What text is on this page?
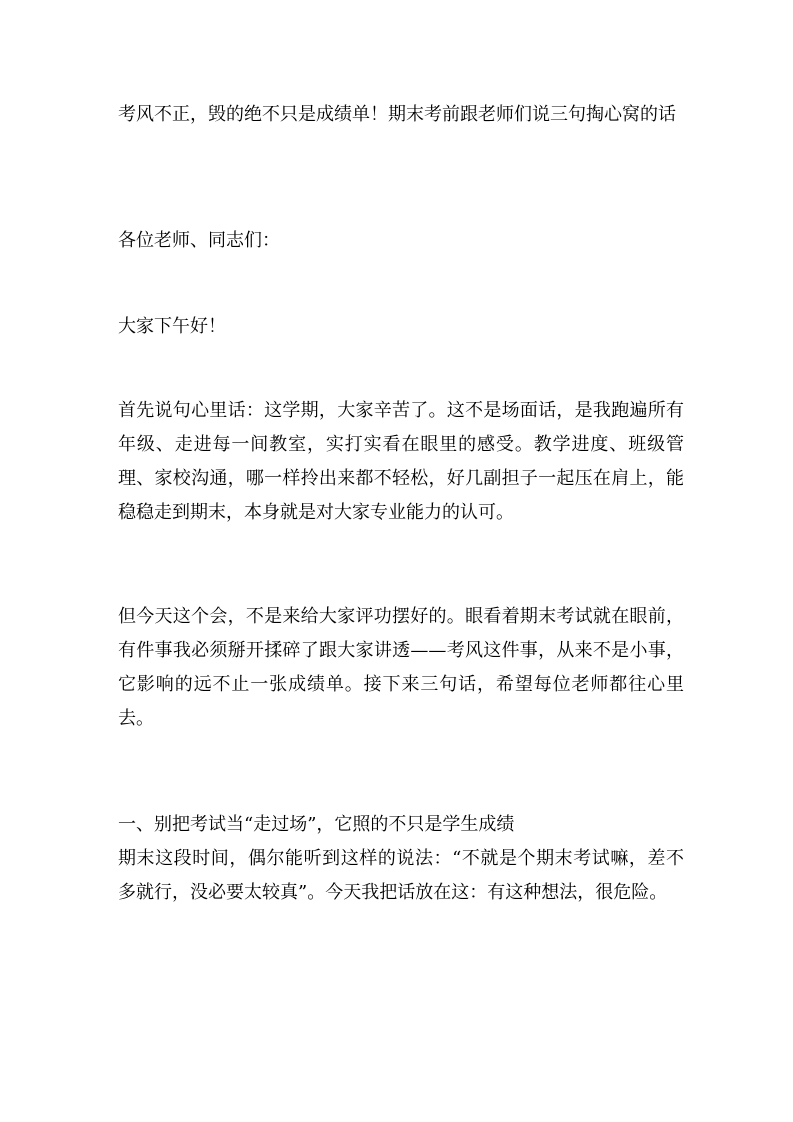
考风不正，毁的绝不只是成绩单！期末考前跟老师们说三句掏心窝的话

各位老师、同志们：

大家下午好！

首先说句心里话：这学期，大家辛苦了。这不是场面话，是我跑遍所有年级、走进每一间教室，实打实看在眼里的感受。教学进度、班级管理、家校沟通，哪一样拎出来都不轻松，好几副担子一起压在肩上，能稳稳走到期末，本身就是对大家专业能力的认可。

但今天这个会，不是来给大家评功摆好的。眼看着期末考试就在眼前，有件事我必须掰开揉碎了跟大家讲透——考风这件事，从来不是小事，它影响的远不止一张成绩单。接下来三句话，希望每位老师都往心里去。

一、别把考试当“走过场”，它照的不只是学生成绩

期末这段时间，偶尔能听到这样的说法：“不就是个期末考试嘛，差不多就行，没必要太较真”。今天我把话放在这：有这种想法，很危险。
